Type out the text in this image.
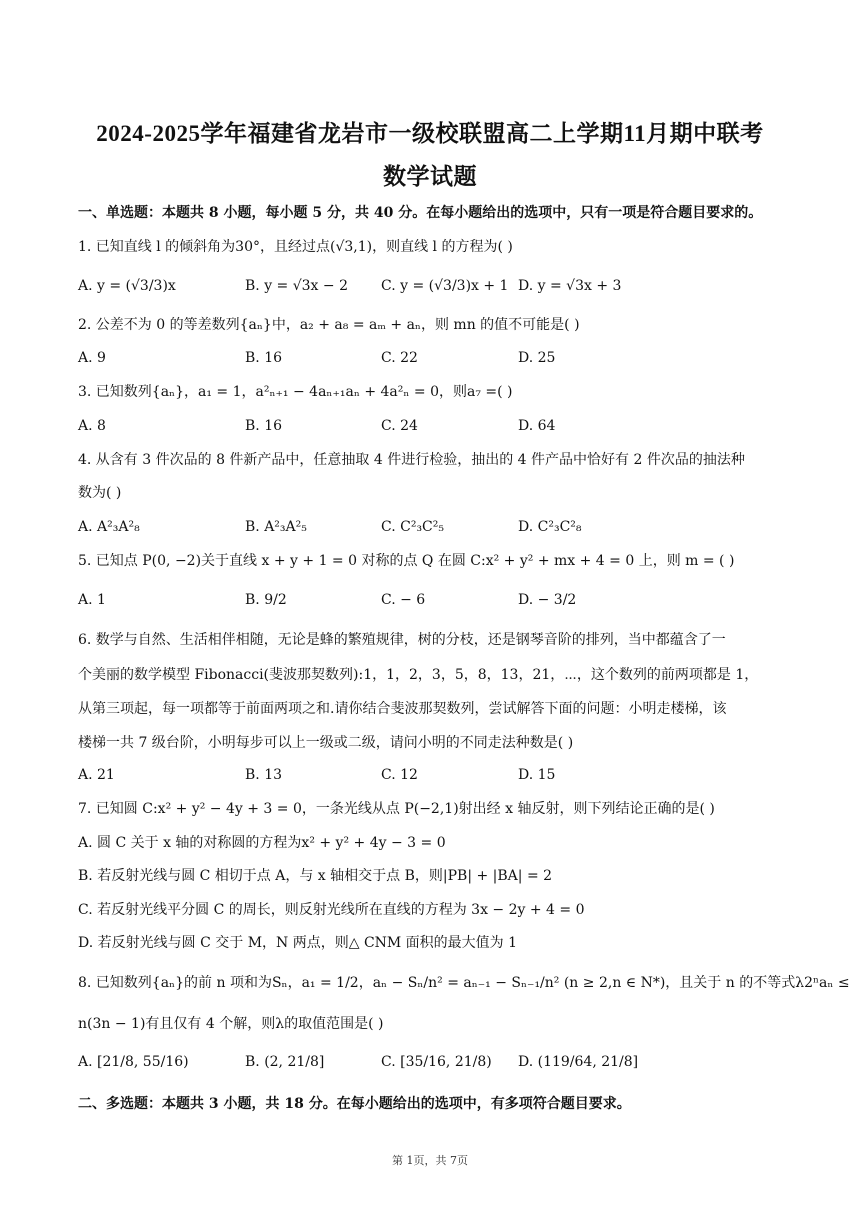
2024-2025学年福建省龙岩市一级校联盟高二上学期11月期中联考
数学试题
一、单选题：本题共 8 小题，每小题 5 分，共 40 分。在每小题给出的选项中，只有一项是符合题目要求的。
1. 已知直线 l 的倾斜角为30°，且经过点(√3,1)，则直线 l 的方程为( )
A. y = (√3/3)x	B. y = √3x − 2 C. y = (√3/3)x + 1 D. y = √3x + 3
2. 公差不为 0 的等差数列{aₙ}中，a₂ + a₈ = aₘ + aₙ，则 mn 的值不可能是( )
A. 9	B. 16	C. 22	D. 25
3. 已知数列{aₙ}，a₁ = 1，a²ₙ₊₁ − 4aₙ₊₁aₙ + 4a²ₙ = 0，则a₇ =( )
A. 8	B. 16	C. 24	D. 64
4. 从含有 3 件次品的 8 件新产品中，任意抽取 4 件进行检验，抽出的 4 件产品中恰好有 2 件次品的抽法种
数为( )
A. A²₃A²₈	B. A²₃A²₅	C. C²₃C²₅	D. C²₃C²₈
5. 已知点 P(0, −2)关于直线 x + y + 1 = 0 对称的点 Q 在圆 C:x² + y² + mx + 4 = 0 上，则 m = ( )
A. 1	B. 9/2	C. − 6	D. − 3/2
6. 数学与自然、生活相伴相随，无论是蜂的繁殖规律，树的分枝，还是钢琴音阶的排列，当中都蕴含了一
个美丽的数学模型 Fibonacci(斐波那契数列):1，1，2，3，5，8，13，21，⋯，这个数列的前两项都是 1，
从第三项起，每一项都等于前面两项之和.请你结合斐波那契数列，尝试解答下面的问题：小明走楼梯，该
楼梯一共 7 级台阶，小明每步可以上一级或二级，请问小明的不同走法种数是( )
A. 21	B. 13	C. 12	D. 15
7. 已知圆 C:x² + y² − 4y + 3 = 0，一条光线从点 P(−2,1)射出经 x 轴反射，则下列结论正确的是( )
A. 圆 C 关于 x 轴的对称圆的方程为x² + y² + 4y − 3 = 0
B. 若反射光线与圆 C 相切于点 A，与 x 轴相交于点 B，则|PB| + |BA| = 2
C. 若反射光线平分圆 C 的周长，则反射光线所在直线的方程为 3x − 2y + 4 = 0
D. 若反射光线与圆 C 交于 M，N 两点，则△ CNM 面积的最大值为 1
8. 已知数列{aₙ}的前 n 项和为Sₙ，a₁ = 1/2，aₙ − Sₙ/n² = aₙ₋₁ − Sₙ₋₁/n² (n ≥ 2,n ∈ N*)，且关于 n 的不等式λ2ⁿaₙ ≤
n(3n − 1)有且仅有 4 个解，则λ的取值范围是( )
A. [21/8, 55/16)	B. (2, 21/8]	C. [35/16, 21/8) D. (119/64, 21/8]
二、多选题：本题共 3 小题，共 18 分。在每小题给出的选项中，有多项符合题目要求。
第 1页，共 7页
